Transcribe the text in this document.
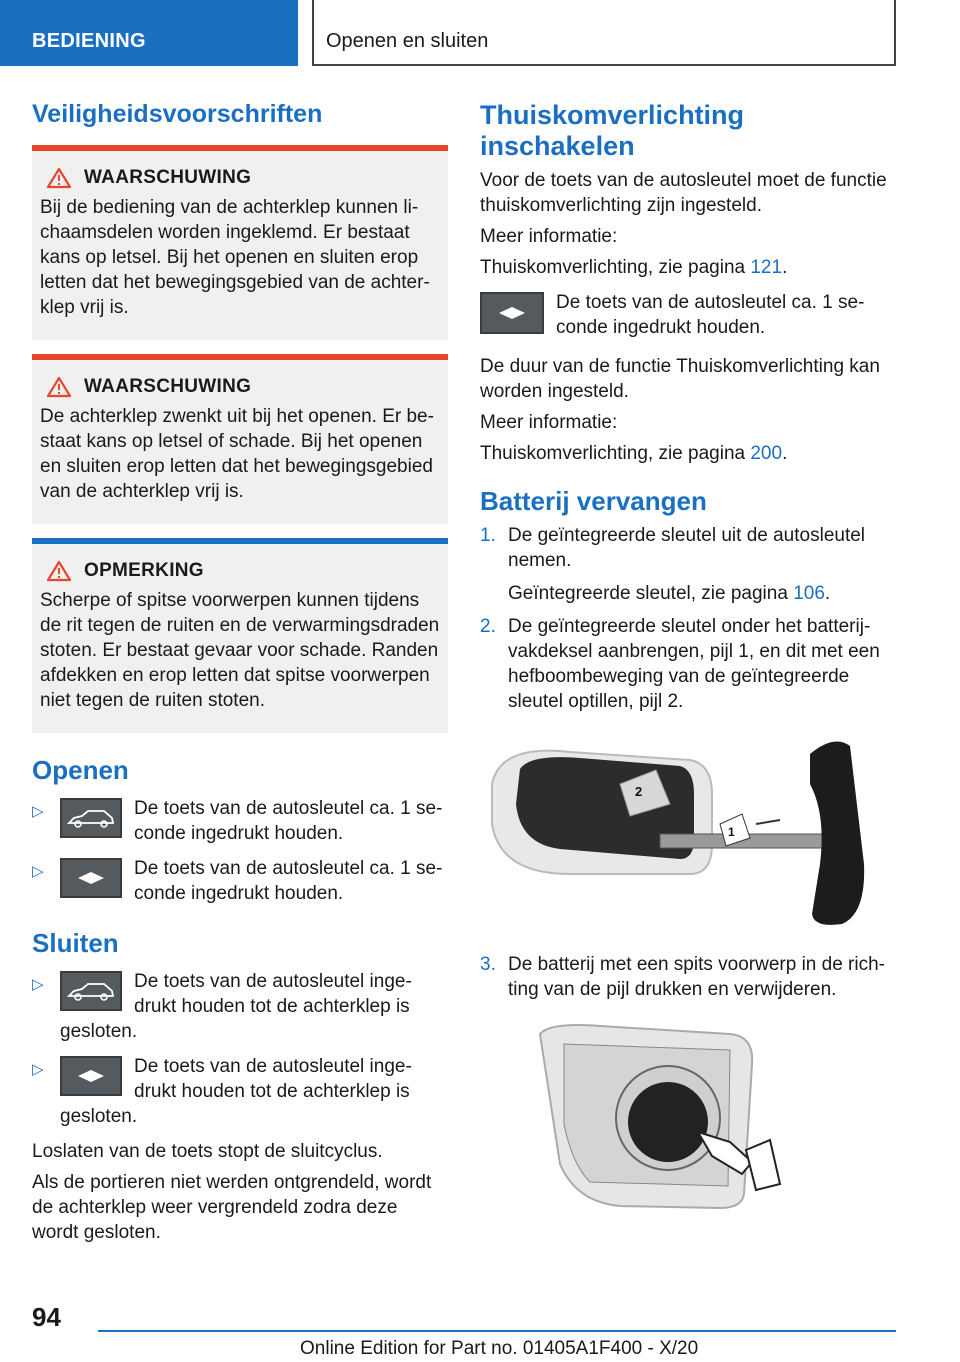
BEDIENING	Openen en sluiten
Veiligheidsvoorschriften
WAARSCHUWING
Bij de bediening van de achterklep kunnen li-chaamsdelen worden ingeklemd. Er bestaat kans op letsel. Bij het openen en sluiten erop letten dat het bewegingsgebied van de achter-klep vrij is.
WAARSCHUWING
De achterklep zwenkt uit bij het openen. Er be-staat kans op letsel of schade. Bij het openen en sluiten erop letten dat het bewegingsgebied van de achterklep vrij is.
OPMERKING
Scherpe of spitse voorwerpen kunnen tijdens de rit tegen de ruiten en de verwarmingsdraden stoten. Er bestaat gevaar voor schade. Randen afdekken en erop letten dat spitse voorwerpen niet tegen de ruiten stoten.
Openen
▷	De toets van de autosleutel ca. 1 se-conde ingedrukt houden.
▷	De toets van de autosleutel ca. 1 se-conde ingedrukt houden.
Sluiten
▷	De toets van de autosleutel inge-drukt houden tot de achterklep is
gesloten.
▷	De toets van de autosleutel inge-drukt houden tot de achterklep is
gesloten.

Loslaten van de toets stopt de sluitcyclus.

Als de portieren niet werden ontgrendeld, wordt de achterklep weer vergrendeld zodra deze wordt gesloten.

Thuiskomverlichting inschakelen

Voor de toets van de autosleutel moet de functie thuiskomverlichting zijn ingesteld.

Meer informatie:

Thuiskomverlichting, zie pagina 121.

De toets van de autosleutel ca. 1 se-conde ingedrukt houden.

De duur van de functie Thuiskomverlichting kan worden ingesteld.

Meer informatie:

Thuiskomverlichting, zie pagina 200.

Batterij vervangen
1. De geïntegreerde sleutel uit de autosleutel nemen.
Geïntegreerde sleutel, zie pagina 106.
2. De geïntegreerde sleutel onder het batterij-vakdeksel aanbrengen, pijl 1, en dit met een hefboombeweging van de geïntegreerde sleutel optillen, pijl 2.
2
1
3. De batterij met een spits voorwerp in de rich-ting van de pijl drukken en verwijderen.
94
Online Edition for Part no. 01405A1F400 - X/20
